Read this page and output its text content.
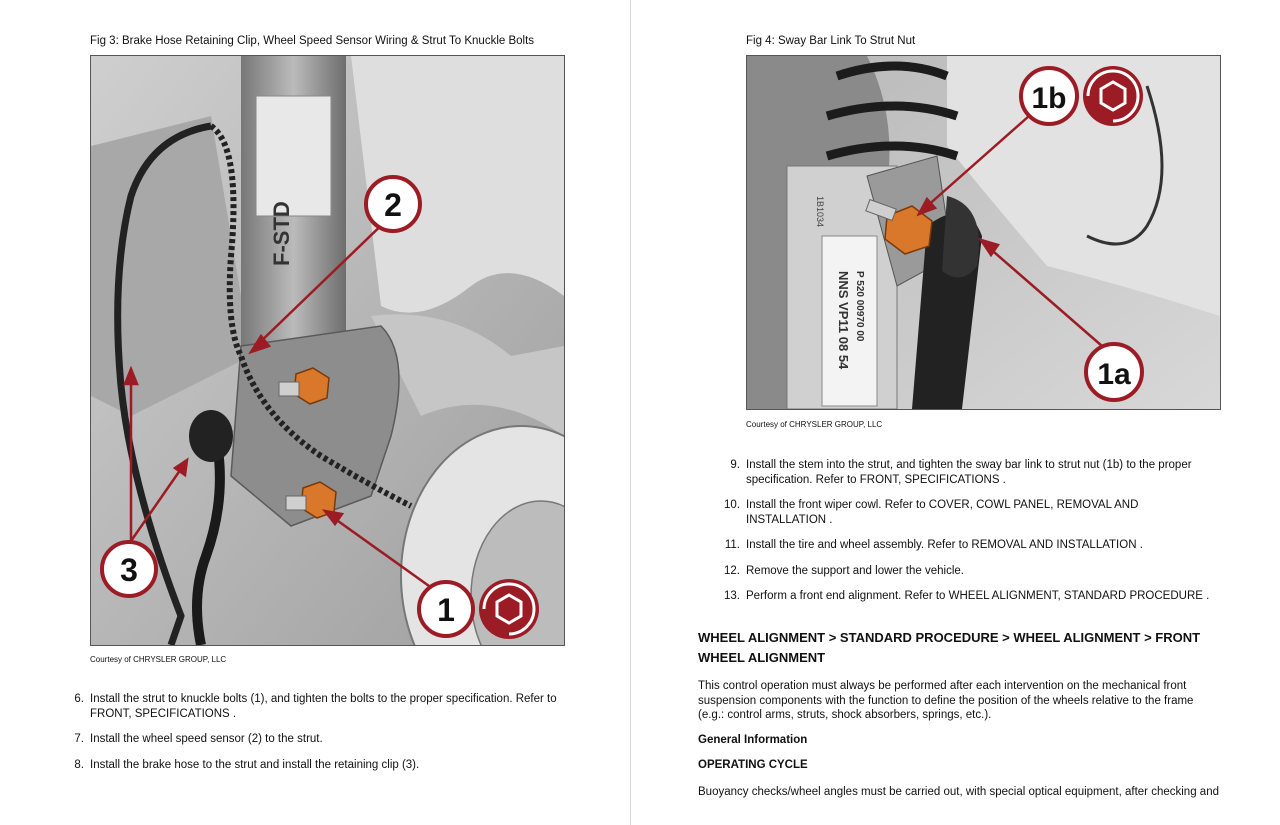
Fig 3: Brake Hose Retaining Clip, Wheel Speed Sensor Wiring & Strut To Knuckle Bolts
F-STD	2
1
3
Courtesy of CHRYSLER GROUP, LLC
6. Install the strut to knuckle bolts (1), and tighten the bolts to the proper specification. Refer to FRONT, SPECIFICATIONS .
7. Install the wheel speed sensor (2) to the strut.
8. Install the brake hose to the strut and install the retaining clip (3).
Fig 4: Sway Bar Link To Strut Nut
NNS VP11 08 54 P 520 00970 00
1B1034
1b
1a
Courtesy of CHRYSLER GROUP, LLC
9. Install the stem into the strut, and tighten the sway bar link to strut nut (1b) to the proper specification. Refer to FRONT, SPECIFICATIONS .
10. Install the front wiper cowl. Refer to COVER, COWL PANEL, REMOVAL AND INSTALLATION .
11. Install the tire and wheel assembly. Refer to REMOVAL AND INSTALLATION .
12. Remove the support and lower the vehicle.
13. Perform a front end alignment. Refer to WHEEL ALIGNMENT, STANDARD PROCEDURE .
WHEEL ALIGNMENT > STANDARD PROCEDURE > WHEEL ALIGNMENT > FRONT WHEEL ALIGNMENT
This control operation must always be performed after each intervention on the mechanical front suspension components with the function to define the position of the wheels relative to the frame (e.g.: control arms, struts, shock absorbers, springs, etc.).
General Information
OPERATING CYCLE
Buoyancy checks/wheel angles must be carried out, with special optical equipment, after checking and
